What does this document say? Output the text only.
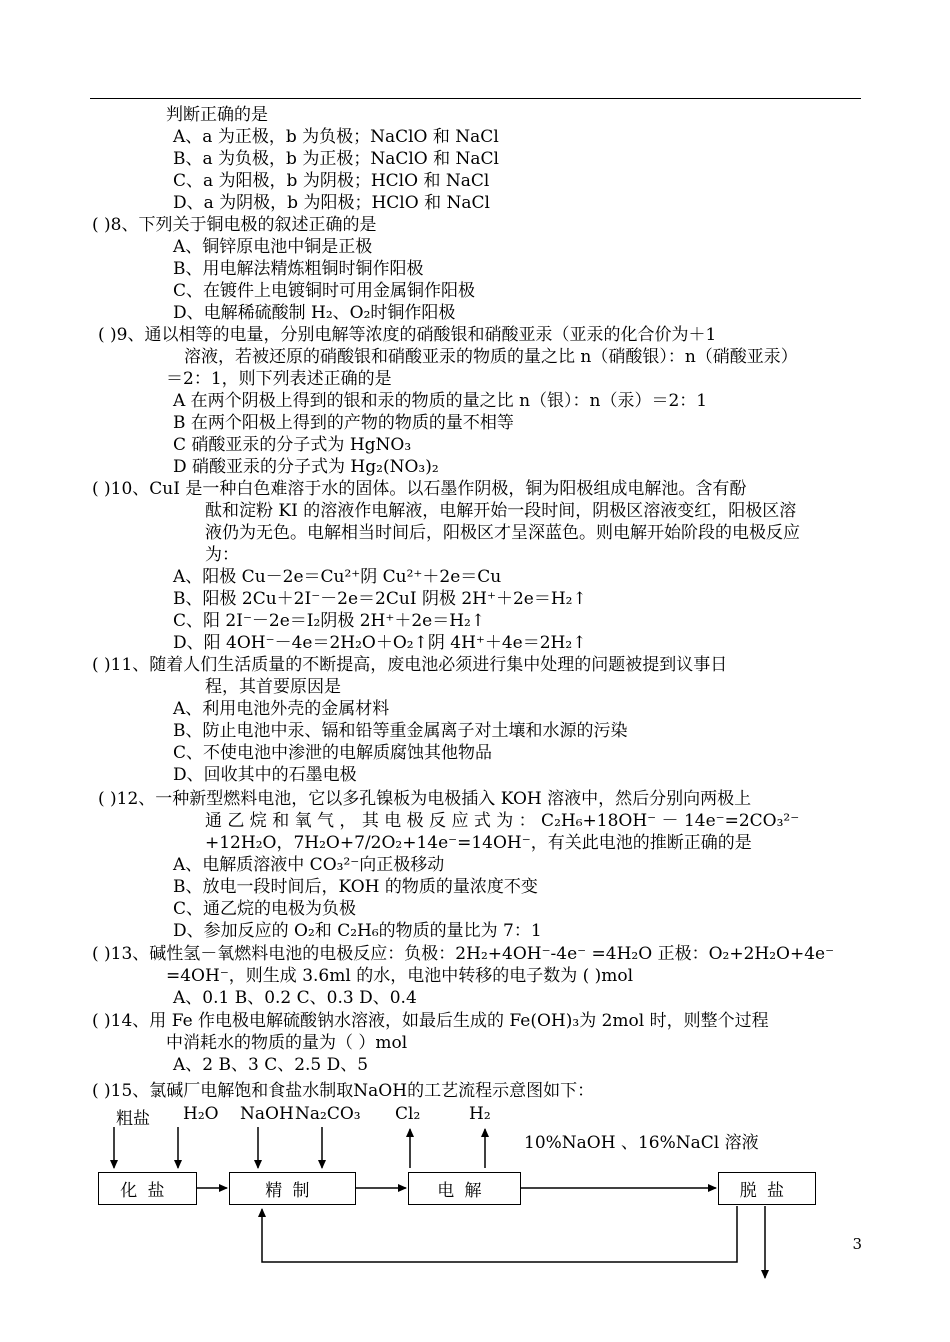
判断正确的是
A、a 为正极，b 为负极；NaClO 和 NaCl
B、a 为负极，b 为正极；NaClO 和 NaCl
C、a 为阳极，b 为阴极；HClO 和 NaCl
D、a 为阴极，b 为阳极；HClO 和 NaCl
( )8、下列关于铜电极的叙述正确的是
A、铜锌原电池中铜是正极
B、用电解法精炼粗铜时铜作阳极
C、在镀件上电镀铜时可用金属铜作阳极
D、电解稀硫酸制 H₂、O₂时铜作阳极
( )9、通以相等的电量，分别电解等浓度的硝酸银和硝酸亚汞（亚汞的化合价为＋1
溶液，若被还原的硝酸银和硝酸亚汞的物质的量之比 n（硝酸银）：n（硝酸亚汞）
＝2：1，则下列表述正确的是
A 在两个阴极上得到的银和汞的物质的量之比 n（银）：n（汞）＝2：1
B 在两个阳极上得到的产物的物质的量不相等
C 硝酸亚汞的分子式为 HgNO₃
D 硝酸亚汞的分子式为 Hg₂(NO₃)₂
( )10、CuI 是一种白色难溶于水的固体。以石墨作阴极，铜为阳极组成电解池。含有酚
酞和淀粉 KI 的溶液作电解液，电解开始一段时间，阴极区溶液变红，阳极区溶
液仍为无色。电解相当时间后，阳极区才呈深蓝色。则电解开始阶段的电极反应
为：
A、阳极 Cu－2e＝Cu²⁺阴 Cu²⁺＋2e＝Cu
B、阳极 2Cu＋2I⁻－2e＝2CuI 阴极 2H⁺＋2e＝H₂↑
C、阳 2I⁻－2e＝I₂阴极 2H⁺＋2e＝H₂↑
D、阳 4OH⁻－4e＝2H₂O＋O₂↑阴 4H⁺＋4e＝2H₂↑
( )11、随着人们生活质量的不断提高，废电池必须进行集中处理的问题被提到议事日
程，其首要原因是
A、利用电池外壳的金属材料
B、防止电池中汞、镉和铅等重金属离子对土壤和水源的污染
C、不使电池中渗泄的电解质腐蚀其他物品
D、回收其中的石墨电极
( )12、一种新型燃料电池，它以多孔镍板为电极插入 KOH 溶液中，然后分别向两极上
通 乙 烷 和 氧 气 ， 其 电 极 反 应 式 为 ： C₂H₆+18OH⁻ － 14e⁻=2CO₃²⁻
+12H₂O，7H₂O+7/2O₂+14e⁻=14OH⁻，有关此电池的推断正确的是
A、电解质溶液中 CO₃²⁻向正极移动
B、放电一段时间后，KOH 的物质的量浓度不变
C、通乙烷的电极为负极
D、参加反应的 O₂和 C₂H₆的物质的量比为 7：1
( )13、碱性氢－氧燃料电池的电极反应：负极：2H₂+4OH⁻-4e⁻ =4H₂O 正极：O₂+2H₂O+4e⁻
=4OH⁻，则生成 3.6ml 的水，电池中转移的电子数为 ( )mol
A、0.1 B、0.2 C、0.3 D、0.4
( )14、用 Fe 作电极电解硫酸钠水溶液，如最后生成的 Fe(OH)₃为 2mol 时，则整个过程
中消耗水的物质的量为（ ）mol
A、2 B、3 C、2.5 D、5
( )15、氯碱厂电解饱和食盐水制取NaOH的工艺流程示意图如下：
粗盐 H₂O NaOH Na₂CO₃ Cl₂	H₂
10%NaOH 、16%NaCl 溶液
化盐	精制	电解	脱盐
3
